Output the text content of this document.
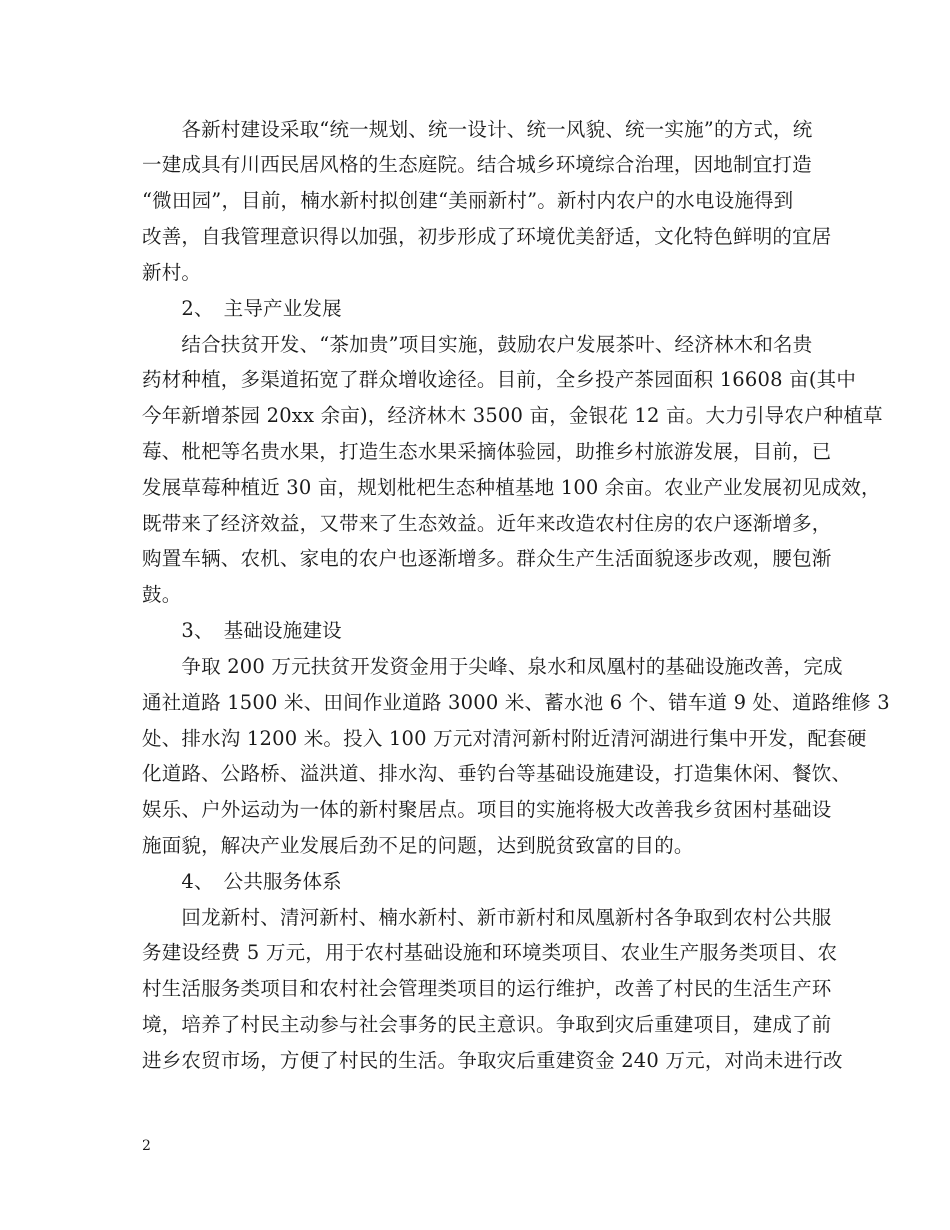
　　各新村建设采取“统一规划、统一设计、统一风貌、统一实施”的方式，统
一建成具有川西民居风格的生态庭院。结合城乡环境综合治理，因地制宜打造
“微田园”，目前，楠水新村拟创建“美丽新村”。新村内农户的水电设施得到
改善，自我管理意识得以加强，初步形成了环境优美舒适，文化特色鲜明的宜居
新村。
　　2、　主导产业发展
　　结合扶贫开发、“茶加贵”项目实施，鼓励农户发展茶叶、经济林木和名贵
药材种植，多渠道拓宽了群众增收途径。目前，全乡投产茶园面积 16608 亩(其中
今年新增茶园 20xx 余亩)，经济林木 3500 亩，金银花 12 亩。大力引导农户种植草
莓、枇杷等名贵水果，打造生态水果采摘体验园，助推乡村旅游发展，目前，已
发展草莓种植近 30 亩，规划枇杷生态种植基地 100 余亩。农业产业发展初见成效，
既带来了经济效益，又带来了生态效益。近年来改造农村住房的农户逐渐增多，
购置车辆、农机、家电的农户也逐渐增多。群众生产生活面貌逐步改观，腰包渐
鼓。
　　3、　基础设施建设
　　争取 200 万元扶贫开发资金用于尖峰、泉水和凤凰村的基础设施改善，完成
通社道路 1500 米、田间作业道路 3000 米、蓄水池 6 个、错车道 9 处、道路维修 3
处、排水沟 1200 米。投入 100 万元对清河新村附近清河湖进行集中开发，配套硬
化道路、公路桥、溢洪道、排水沟、垂钓台等基础设施建设，打造集休闲、餐饮、
娱乐、户外运动为一体的新村聚居点。项目的实施将极大改善我乡贫困村基础设
施面貌，解决产业发展后劲不足的问题，达到脱贫致富的目的。
　　4、　公共服务体系
　　回龙新村、清河新村、楠水新村、新市新村和凤凰新村各争取到农村公共服
务建设经费 5 万元，用于农村基础设施和环境类项目、农业生产服务类项目、农
村生活服务类项目和农村社会管理类项目的运行维护，改善了村民的生活生产环
境，培养了村民主动参与社会事务的民主意识。争取到灾后重建项目，建成了前
进乡农贸市场，方便了村民的生活。争取灾后重建资金 240 万元，对尚未进行改
2
